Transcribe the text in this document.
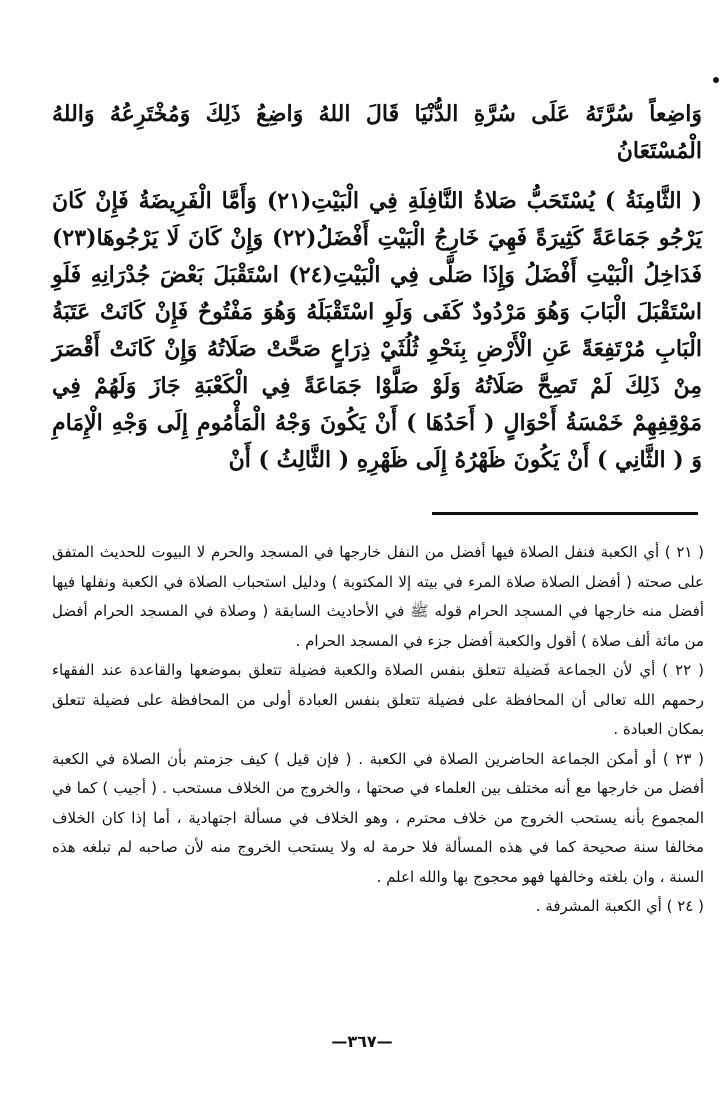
وَاضِعاً سُرَّتَهُ عَلَى سُرَّةِ الدُّنْيَا قَالَ اللهُ وَاضِعُ ذَلِكَ وَمُخْتَرِعُهُ وَاللهُ الْمُسْتَعَانُ

( الثَّامِنَةُ ) يُسْتَحَبُّ صَلاةُ النَّافِلَةِ فِي الْبَيْتِ(٢١) وَأَمَّا الْفَرِيضَةُ فَإِنْ كَانَ يَرْجُو جَمَاعَةً كَثِيرَةً فَهِيَ خَارِجُ الْبَيْتِ أَفْضَلُ(٢٢) وَإِنْ كَانَ لَا يَرْجُوهَا(٢٣) فَدَاخِلُ الْبَيْتِ أَفْضَلُ وَإِذَا صَلَّى فِي الْبَيْتِ(٢٤) اسْتَقْبَلَ بَعْضَ جُدْرَانِهِ فَلَوِ اسْتَقْبَلَ الْبَابَ وَهُوَ مَرْدُودٌ كَفَى وَلَوِ اسْتَقْبَلَهُ وَهُوَ مَفْتُوحٌ فَإِنْ كَانَتْ عَتَبَةُ الْبَابِ مُرْتَفِعَةً عَنِ الْأَرْضِ بِنَحْوِ ثُلُثَيْ ذِرَاعٍ صَحَّتْ صَلَاتُهُ وَإِنْ كَانَتْ أَقْصَرَ مِنْ ذَلِكَ لَمْ تَصِحَّ صَلَاتُهُ وَلَوْ صَلَّوْا جَمَاعَةً فِي الْكَعْبَةِ جَازَ وَلَهُمْ فِي مَوْقِفِهِمْ خَمْسَةُ أَحْوَالٍ ( أَحَدُهَا ) أَنْ يَكُونَ وَجْهُ الْمَأْمُومِ إِلَى وَجْهِ الْإِمَامِ وَ ( الثَّانِي ) أَنْ يَكُونَ ظَهْرُهُ إِلَى ظَهْرِهِ ( الثَّالِثُ ) أَنْ

( ٢١ ) أي الكعبة فنفل الصلاة فيها أفضل من النفل خارجها في المسجد والحرم لا البيوت للحديث المتفق على صحته ( أفضل الصلاة صلاة المرء في بيته إلا المكتوبة ) ودليل استحباب الصلاة في الكعبة ونفلها فيها أفضل منه خارجها في المسجد الحرام قوله ﷺ في الأحاديث السابقة ( وصلاة في المسجد الحرام أفضل من مائة ألف صلاة ) أقول والكعبة أفضل جزء في المسجد الحرام .

( ٢٢ ) أي لأن الجماعة فَضيلة تتعلق بنفس الصلاة والكعبة فضيلة تتعلق بموضعها والقاعدة عند الفقهاء رحمهم الله تعالى أن المحافظة على فضيلة تتعلق بنفس العبادة أولى من المحافظة على فضيلة تتعلق بمكان العبادة .

( ٢٣ ) أو أمكن الجماعة الحاضرين الصلاة في الكعبة . ( فإن قيل ) كيف جزمتم بأن الصلاة في الكعبة أفضل من خارجها مع أنه مختلف بين العلماء في صحتها ، والخروج من الخلاف مستحب . ( أجيب ) كما في المجموع بأنه يستحب الخروج من خلاف محترم ، وهو الخلاف في مسألة اجتهادية ، أما إذا كان الخلاف مخالفا سنة صحيحة كما في هذه المسألة فلا حرمة له ولا يستحب الخروج منه لأن صاحبه لم تبلغه هذه السنة ، وان بلغته وخالفها فهو محجوج بها والله اعلم .

( ٢٤ ) أي الكعبة المشرفة .

—٣٦٧—
